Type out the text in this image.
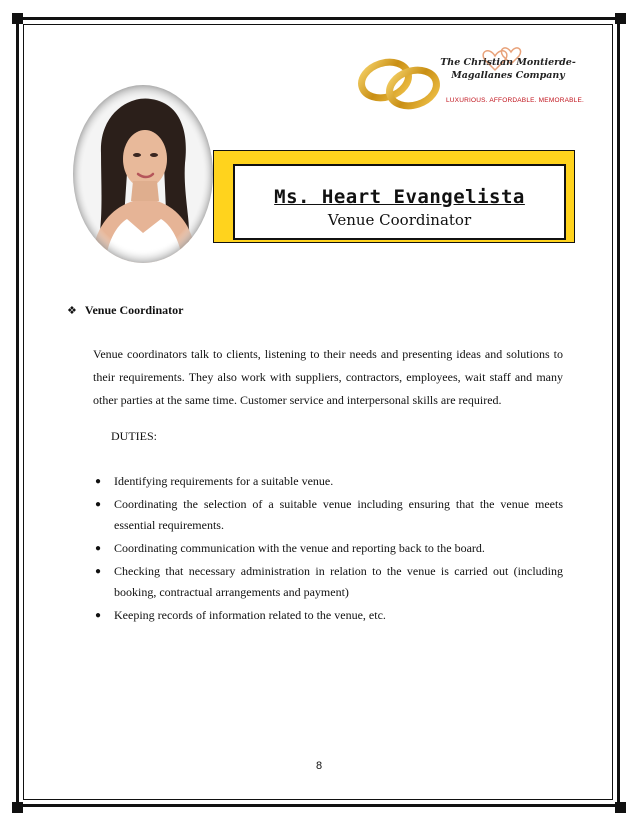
The Christian Montierde-Magallanes Company
LUXURIOUS. AFFORDABLE. MEMORABLE.
Ms. Heart Evangelista
Venue Coordinator
❖ Venue Coordinator
Venue coordinators talk to clients, listening to their needs and presenting ideas and solutions to their requirements. They also work with suppliers, contractors, employees, wait staff and many other parties at the same time. Customer service and interpersonal skills are required.
DUTIES:
● Identifying requirements for a suitable venue.
● Coordinating the selection of a suitable venue including ensuring that the venue meets essential requirements.
● Coordinating communication with the venue and reporting back to the board.
● Checking that necessary administration in relation to the venue is carried out (including booking, contractual arrangements and payment)
● Keeping records of information related to the venue, etc.
8
